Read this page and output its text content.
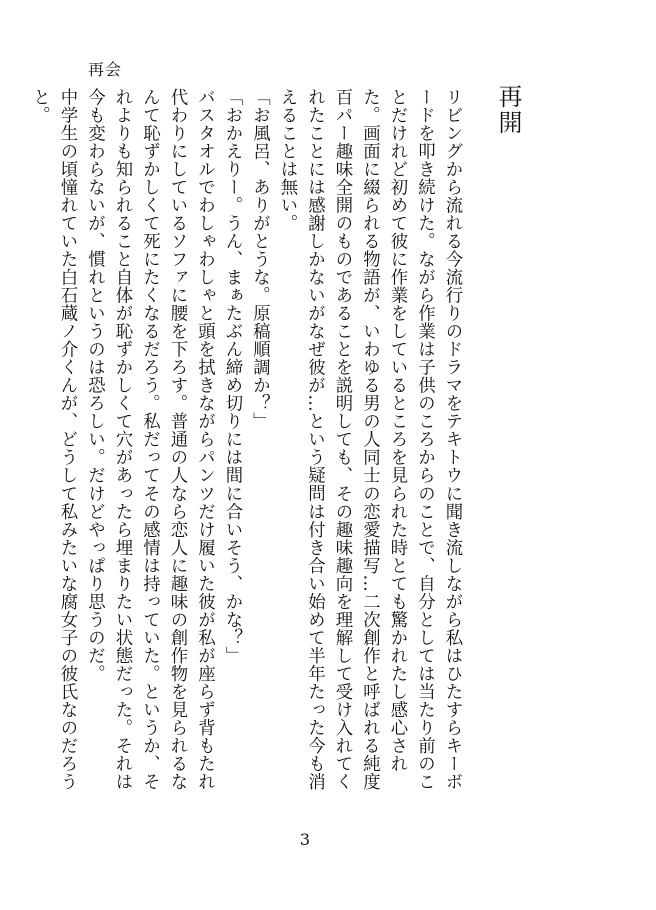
再会
再開

リビングから流れる今流行りのドラマをテキトウに聞き流しながら私はひたすらキーボードを叩き続けた。ながら作業は子供のころからのことで、自分としては当たり前のことだけれど初めて彼に作業をしているところを見られた時とても驚かれたし感心された。画面に綴られる物語が、いわゆる男の人同士の恋愛描写…二次創作と呼ばれる純度百パー趣味全開のものであることを説明しても、その趣味趣向を理解して受け入れてくれたことには感謝しかないがなぜ彼が…という疑問は付き合い始めて半年たった今も消えることは無い。

「お風呂、ありがとうな。原稿順調か？」

「おかえりー。うん、まぁたぶん締め切りには間に合いそう、かな？」

バスタオルでわしゃわしゃと頭を拭きながらパンツだけ履いた彼が私が座らず背もたれ代わりにしているソファに腰を下ろす。普通の人なら恋人に趣味の創作物を見られるなんて恥ずかしくて死にたくなるだろう。私だってその感情は持っていた。というか、それよりも知られること自体が恥ずかしくて穴があったら埋まりたい状態だった。それは今も変わらないが、慣れというのは恐ろしい。だけどやっぱり思うのだ。

中学生の頃憧れていた白石蔵ノ介くんが、どうして私みたいな腐女子の彼氏なのだろうと。

3
